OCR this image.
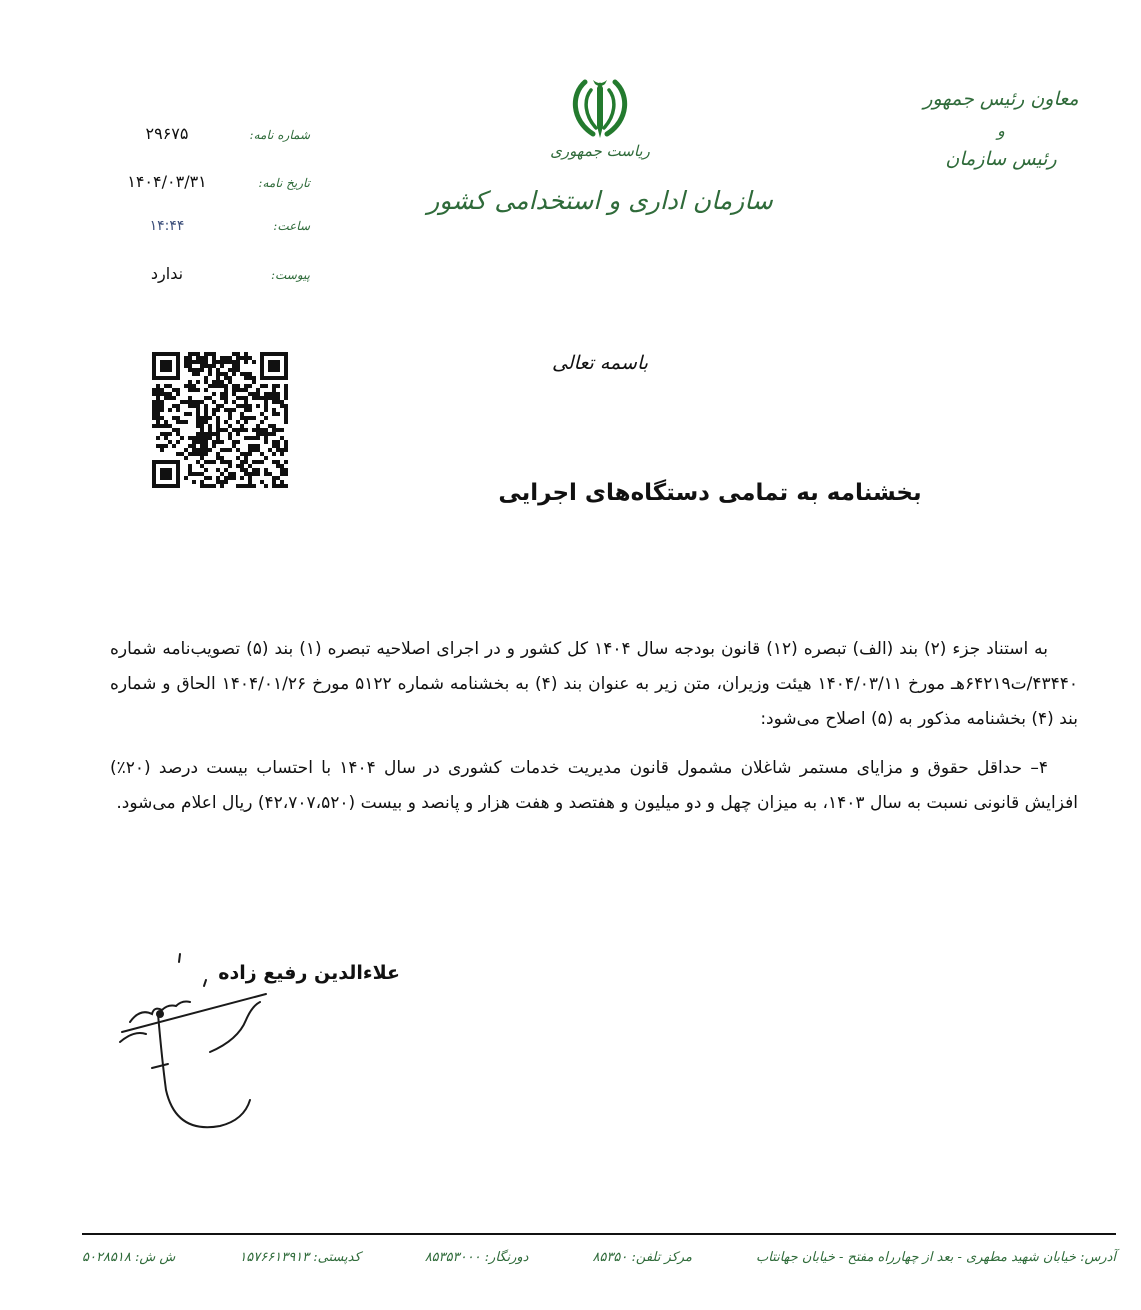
معاون رئیس جمهور
و
رئیس سازمان
ریاست جمهوری
سازمان اداری و استخدامی کشور
شماره نامه:
۲۹۶۷۵
تاریخ نامه:
۱۴۰۴/۰۳/۳۱
ساعت:
۱۴:۴۴
پیوست:
ندارد
باسمه تعالی
بخشنامه به تمامی دستگاه‌های اجرایی

به استناد جزء (۲) بند (الف) تبصره (۱۲) قانون بودجه سال ۱۴۰۴ کل کشور و در اجرای اصلاحیه تبصره (۱) بند (۵) تصویب‌نامه شماره ۴۳۴۴۰/ت۶۴۲۱۹هـ مورخ ۱۴۰۴/۰۳/۱۱ هیئت وزیران، متن زیر به عنوان بند (۴) به بخشنامه شماره ۵۱۲۲ مورخ ۱۴۰۴/۰۱/۲۶ الحاق و شماره بند (۴) بخشنامه مذکور به (۵) اصلاح می‌شود:

۴– حداقل حقوق و مزایای مستمر شاغلان مشمول قانون مدیریت خدمات کشوری در سال ۱۴۰۴ با احتساب بیست درصد (۲۰٪) افزایش قانونی نسبت به سال ۱۴۰۳، به میزان چهل و دو میلیون و هفتصد و هفت هزار و پانصد و بیست (۴۲،۷۰۷،۵۲۰) ریال اعلام می‌شود.

علاءالدین رفیع زاده
ش ش: ۵۰۲۸۵۱۸	کدپستی: ۱۵۷۶۶۱۳۹۱۳	دورنگار: ۸۵۳۵۳۰۰۰	مرکز تلفن: ۸۵۳۵۰	آدرس: خیابان شهید مطهری - بعد از چهارراه مفتح - خیابان جهانتاب
